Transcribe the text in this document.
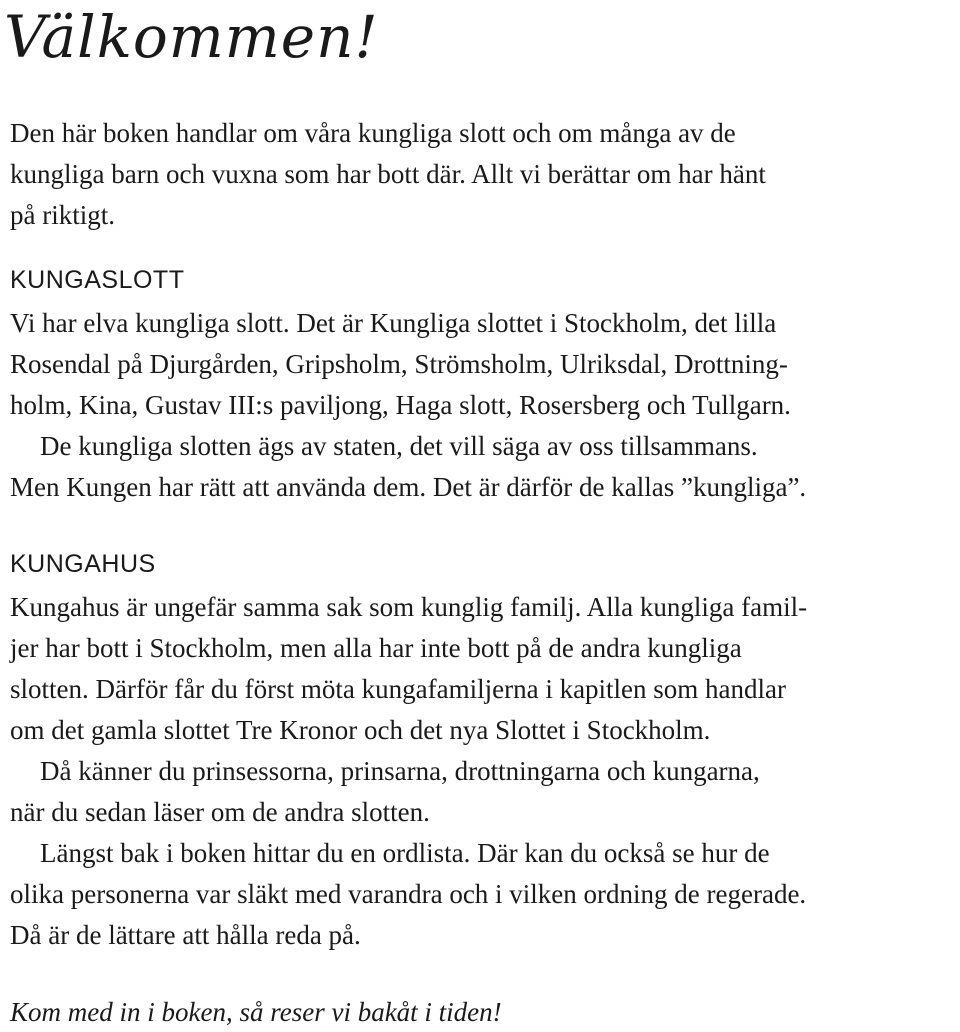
Välkommen!

Den här boken handlar om våra kungliga slott och om många av de
kungliga barn och vuxna som har bott där. Allt vi berättar om har hänt
på riktigt.

KUNGASLOTT

Vi har elva kungliga slott. Det är Kungliga slottet i Stockholm, det lilla
Rosendal på Djurgården, Gripsholm, Strömsholm, Ulriksdal, Drottning-
holm, Kina, Gustav III:s paviljong, Haga slott, Rosersberg och Tullgarn.
De kungliga slotten ägs av staten, det vill säga av oss tillsammans.
Men Kungen har rätt att använda dem. Det är därför de kallas ”kungliga”.

KUNGAHUS

Kungahus är ungefär samma sak som kunglig familj. Alla kungliga famil-
jer har bott i Stockholm, men alla har inte bott på de andra kungliga
slotten. Därför får du först möta kungafamiljerna i kapitlen som handlar
om det gamla slottet Tre Kronor och det nya Slottet i Stockholm.
Då känner du prinsessorna, prinsarna, drottningarna och kungarna,
när du sedan läser om de andra slotten.
Längst bak i boken hittar du en ordlista. Där kan du också se hur de
olika personerna var släkt med varandra och i vilken ordning de regerade.
Då är de lättare att hålla reda på.

Kom med in i boken, så reser vi bakåt i tiden!
